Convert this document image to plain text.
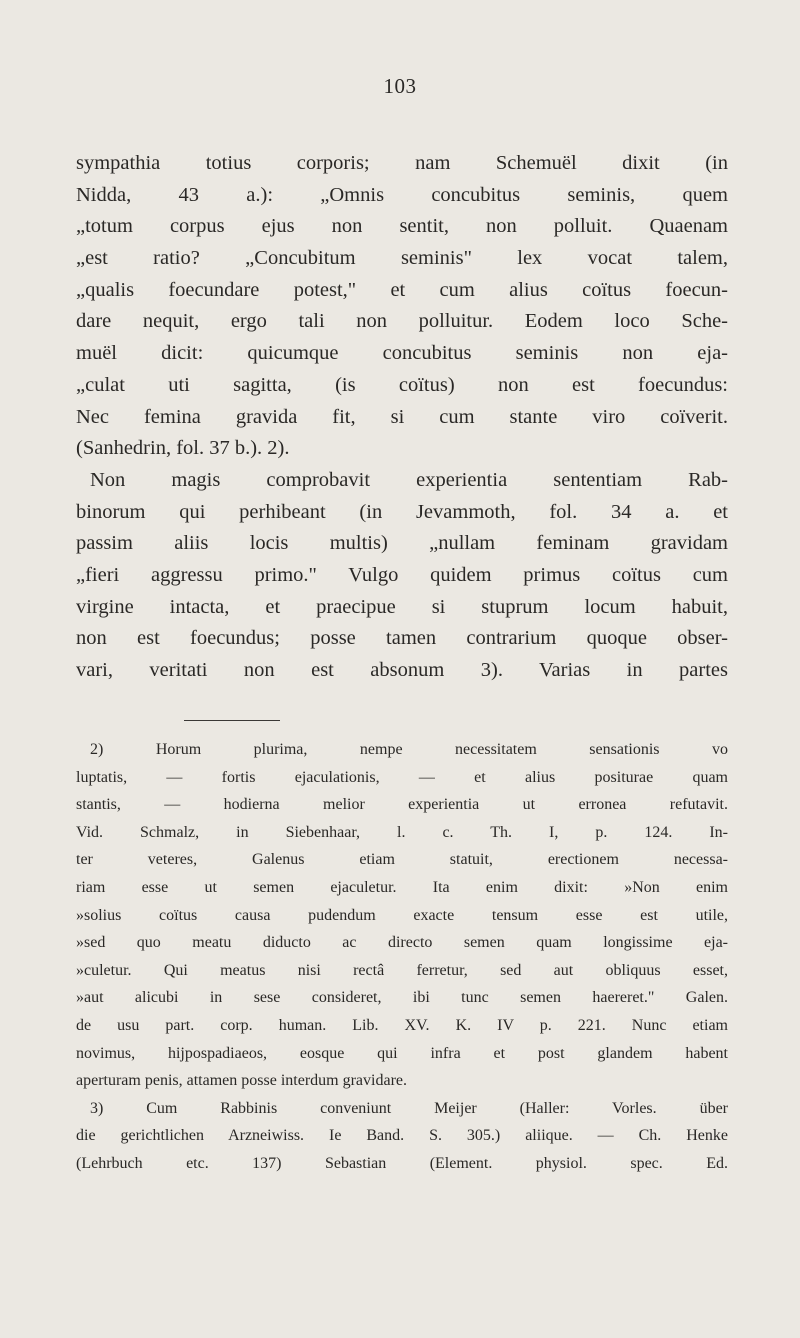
103
sympathia totius corporis; nam Schemuël dixit (in
Nidda, 43 a.): „Omnis concubitus seminis, quem
„totum corpus ejus non sentit, non polluit. Quaenam
„est ratio? „Concubitum seminis" lex vocat talem,
„qualis foecundare potest," et cum alius coïtus foecun-
dare nequit, ergo tali non polluitur. Eodem loco Sche-
muël dicit: quicumque concubitus seminis non eja-
„culat uti sagitta, (is coïtus) non est foecundus:
Nec femina gravida fit, si cum stante viro coïverit.
(Sanhedrin, fol. 37 b.). 2).
Non magis comprobavit experientia sententiam Rab-
binorum qui perhibeant (in Jevammoth, fol. 34 a. et
passim aliis locis multis) „nullam feminam gravidam
„fieri aggressu primo." Vulgo quidem primus coïtus cum
virgine intacta, et praecipue si stuprum locum habuit,
non est foecundus; posse tamen contrarium quoque obser-
vari, veritati non est absonum 3). Varias in partes
2) Horum plurima, nempe necessitatem sensationis vo
luptatis, — fortis ejaculationis, — et alius positurae quam
stantis, — hodierna melior experientia ut erronea refutavit.
Vid. Schmalz, in Siebenhaar, l. c. Th. I, p. 124. In-
ter veteres, Galenus etiam statuit, erectionem necessa-
riam esse ut semen ejaculetur. Ita enim dixit: »Non enim
»solius coïtus causa pudendum exacte tensum esse est utile,
»sed quo meatu diducto ac directo semen quam longissime eja-
»culetur. Qui meatus nisi rectâ ferretur, sed aut obliquus esset,
»aut alicubi in sese consideret, ibi tunc semen haereret." Galen.
de usu part. corp. human. Lib. XV. K. IV p. 221. Nunc etiam
novimus, hijpospadiaeos, eosque qui infra et post glandem habent
aperturam penis, attamen posse interdum gravidare.
3) Cum Rabbinis conveniunt Meijer (Haller: Vorles. über
die gerichtlichen Arzneiwiss. Ie Band. S. 305.) aliique. — Ch. Henke
(Lehrbuch etc. 137) Sebastian (Element. physiol. spec. Ed.
